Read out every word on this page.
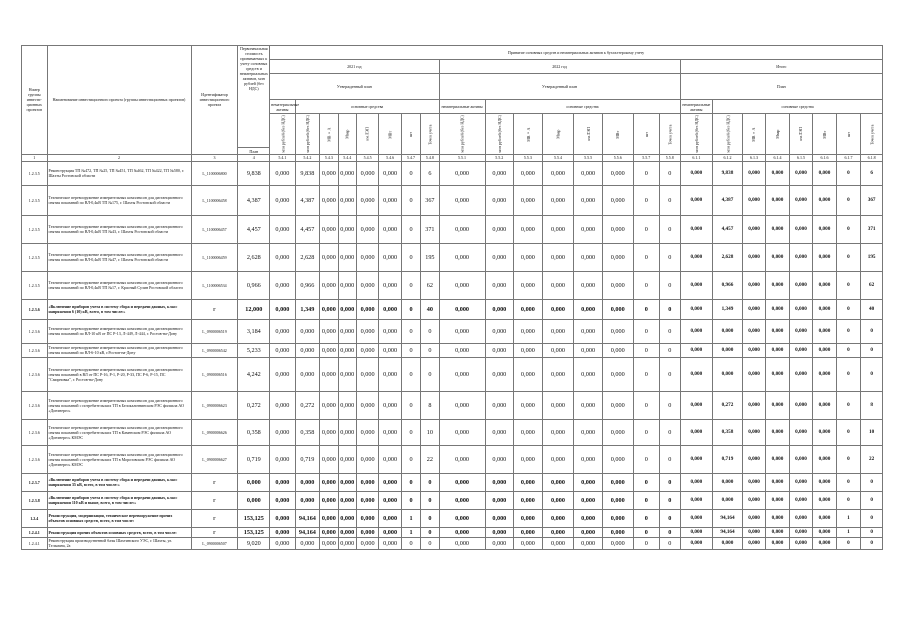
Номер группы инвести-ционных проектов	Наименование инвестиционного проекта (группы инвестиционных проектов)	Идентификатор инвестиционного проекта	Первоначальная стоимость принимаемых к учету основных средств и нематериальных активов, млн рублей (без НДС)	Принятие основных средств и нематериальных активов к бухгалтерскому учету																							
				2021 год								2022 год								Итого							
				Утвержденный план								Утвержденный план								План							
				нематериальные активы	основные средства							нематериальные активы	основные средства							нематериальные активы	основные средства						
				млн рублей (без НДС)	млн рублей (без НДС)	МВ×А	Мвар	км ЛЭП	МВт	шт	Точек учета	млн рублей (без НДС)	млн рублей (без НДС)	МВ×А	Мвар	км ЛЭП	МВт	шт	Точек учета	млн рублей (без НДС)	млн рублей (без НДС)	МВ×А	Мвар	км ЛЭП	МВт	шт	Точек учета
			План																								
1	2	3	4	5.4.1	5.4.2	5.4.3	5.4.4	5.4.5	5.4.6	5.4.7	5.4.8	5.5.1	5.5.2	5.5.3	5.5.4	5.5.5	5.5.6	5.5.7	5.5.8	6.1.1	6.1.2	6.1.3	6.1.4	6.1.5	6.1.6	6.1.7	6.1.8
1.2.3.5	Реконструкция ТП №472, ТП №25, ТП №451, ТП №462, ТП №422, ТП №580, г. Шахты Ростовской области	L_1100006800	9,838	0,000	9,838	0,000	0,000	0,000	0,000	0	6	0,000	0,000	0,000	0,000	0,000	0,000	0	0	0,000	9,838	0,000	0,000	0,000	0,000	0	6
1.2.3.5	Техническое перевооружение измерительных комплексов для дистанционного снятия показаний по ВЛ-0,4кВ ТП №175, г. Шахты Ростовской области	L_1100006458	4,387	0,000	4,387	0,000	0,000	0,000	0,000	0	367	0,000	0,000	0,000	0,000	0,000	0,000	0	0	0,000	4,387	0,000	0,000	0,000	0,000	0	367
1.2.3.5	Техническое перевооружение измерительных комплексов для дистанционного снятия показаний по ВЛ-0,4кВ ТП №43, г. Шахты Ростовской области	L_1100006457	4,457	0,000	4,457	0,000	0,000	0,000	0,000	0	371	0,000	0,000	0,000	0,000	0,000	0,000	0	0	0,000	4,457	0,000	0,000	0,000	0,000	0	371
1.2.3.5	Техническое перевооружение измерительных комплексов для дистанционного снятия показаний по ВЛ-0,4кВ ТП №47, г. Шахты Ростовской области	L_1100006459	2,628	0,000	2,628	0,000	0,000	0,000	0,000	0	195	0,000	0,000	0,000	0,000	0,000	0,000	0	0	0,000	2,628	0,000	0,000	0,000	0,000	0	195
1.2.3.5	Техническое перевооружение измерительных комплексов для дистанционного снятия показаний по ВЛ-0,4кВ ТП №17, г. Красный Сулин Ростовской области	L_1100006534	0,966	0,000	0,966	0,000	0,000	0,000	0,000	0	62	0,000	0,000	0,000	0,000	0,000	0,000	0	0	0,000	0,966	0,000	0,000	0,000	0,000	0	62
1.2.3.6	«Включение приборов учета в систему сбора и передачи данных, класс напряжения 6 (10) кВ, всего, в том числе:»	Г	12,000	0,000	1,349	0,000	0,000	0,000	0,000	0	40	0,000	0,000	0,000	0,000	0,000	0,000	0	0	0,000	1,349	0,000	0,000	0,000	0,000	0	40
1.2.3.6	Техническое перевооружение измерительных комплексов для дистанционного снятия показаний по ВЛ-10 кВ от ПС Р-13, Л-449, Л-444, г. Ростов-на-Дону	L_0900006519	3,184	0,000	0,000	0,000	0,000	0,000	0,000	0	0	0,000	0,000	0,000	0,000	0,000	0,000	0	0	0,000	0,000	0,000	0,000	0,000	0,000	0	0
1.2.3.6	Техническое перевооружение измерительных комплексов для дистанционного снятия показаний по ВЛ-6-10 кВ, г.Ростов-на-Дону	L_0900006542	5,233	0,000	0,000	0,000	0,000	0,000	0,000	0	0	0,000	0,000	0,000	0,000	0,000	0,000	0	0	0,000	0,000	0,000	0,000	0,000	0,000	0	0
1.2.3.6	Техническое перевооружение измерительных комплексов для дистанционного снятия показаний в ВЛ от ПС Р-16, Р-1, Р-20, Р-33, ПС Р-6, Р-15, ПС "Смирновка", г. Ростов-на-Дону	L_0900006516	4,242	0,000	0,000	0,000	0,000	0,000	0,000	0	0	0,000	0,000	0,000	0,000	0,000	0,000	0	0	0,000	0,000	0,000	0,000	0,000	0,000	0	0
1.2.3.6	Техническое перевооружение измерительных комплексов для дистанционного снятия показаний с потребительских ТП в Белокалитвинском РЭС филиала АО «Донэнерго»	L_0900006623	0,272	0,000	0,272	0,000	0,000	0,000	0,000	0	8	0,000	0,000	0,000	0,000	0,000	0,000	0	0	0,000	0,272	0,000	0,000	0,000	0,000	0	8
1.2.3.6	Техническое перевооружение измерительных комплексов для дистанционного снятия показаний с потребительских ТП в Каменском РЭС филиала АО «Донэнерго» КМЭС	L_0900006626	0,358	0,000	0,358	0,000	0,000	0,000	0,000	0	10	0,000	0,000	0,000	0,000	0,000	0,000	0	0	0,000	0,358	0,000	0,000	0,000	0,000	0	10
1.2.3.6	Техническое перевооружение измерительных комплексов для дистанционного снятия показаний с потребительских ТП в Морозовском РЭС филиала АО «Донэнерго» КМЭС	L_0900006627	0,719	0,000	0,719	0,000	0,000	0,000	0,000	0	22	0,000	0,000	0,000	0,000	0,000	0,000	0	0	0,000	0,719	0,000	0,000	0,000	0,000	0	22
1.2.3.7	«Включение приборов учета в систему сбора и передачи данных, класс напряжения 35 кВ, всего, в том числе:»	Г	0,000	0,000	0,000	0,000	0,000	0,000	0,000	0	0	0,000	0,000	0,000	0,000	0,000	0,000	0	0	0,000	0,000	0,000	0,000	0,000	0,000	0	0
1.2.3.8	«Включение приборов учета в систему сбора и передачи данных, класс напряжения 110 кВ и выше, всего, в том числе:»	Г	0,000	0,000	0,000	0,000	0,000	0,000	0,000	0	0	0,000	0,000	0,000	0,000	0,000	0,000	0	0	0,000	0,000	0,000	0,000	0,000	0,000	0	0
1.2.4	Реконструкция, модернизация, техническое перевооружение прочих объектов основных средств, всего, в том числе:	Г	153,125	0,000	94,164	0,000	0,000	0,000	0,000	1	0	0,000	0,000	0,000	0,000	0,000	0,000	0	0	0,000	94,164	0,000	0,000	0,000	0,000	1	0
1.2.4.1	Реконструкция прочих объектов основных средств, всего, в том числе:	Г	153,125	0,000	94,164	0,000	0,000	0,000	0,000	1	0	0,000	0,000	0,000	0,000	0,000	0,000	0	0	0,000	94,164	0,000	0,000	0,000	0,000	1	0
1.2.4.1	Реконструкция производственной базы Шахтинского УЭС, г. Шахты, ул. Тельмана, 2а	L_0900006507	9,020	0,000	0,000	0,000	0,000	0,000	0,000	0	0	0,000	0,000	0,000	0,000	0,000	0,000	0	0	0,000	0,000	0,000	0,000	0,000	0,000	0	0
